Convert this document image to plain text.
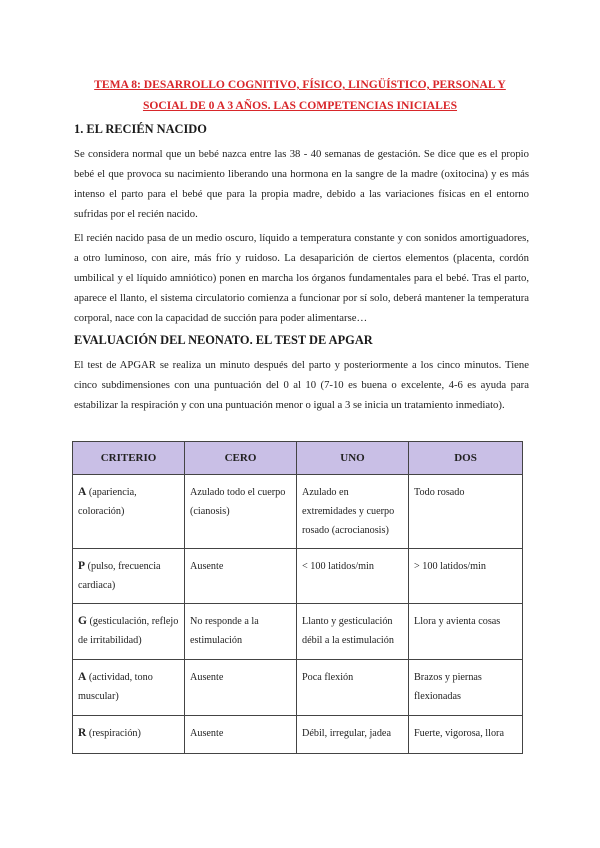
TEMA 8: DESARROLLO COGNITIVO, FÍSICO, LINGÜÍSTICO, PERSONAL Y
SOCIAL DE 0 A 3 AÑOS. LAS COMPETENCIAS INICIALES
1. EL RECIÉN NACIDO
Se considera normal que un bebé nazca entre las 38 - 40 semanas de gestación. Se dice que es el propio bebé el que provoca su nacimiento liberando una hormona en la sangre de la madre (oxitocina) y es más intenso el parto para el bebé que para la propia madre, debido a las variaciones físicas en el entorno sufridas por el recién nacido.
El recién nacido pasa de un medio oscuro, líquido a temperatura constante y con sonidos amortiguadores, a otro luminoso, con aire, más frío y ruidoso. La desaparición de ciertos elementos (placenta, cordón umbilical y el líquido amniótico) ponen en marcha los órganos fundamentales para el bebé. Tras el parto, aparece el llanto, el sistema circulatorio comienza a funcionar por sí solo, deberá mantener la temperatura corporal, nace con la capacidad de succión para poder alimentarse…
EVALUACIÓN DEL NEONATO. EL TEST DE APGAR
El test de APGAR se realiza un minuto después del parto y posteriormente a los cinco minutos. Tiene cinco subdimensiones con una puntuación del 0 al 10 (7-10 es buena o excelente, 4-6 es ayuda para estabilizar la respiración y con una puntuación menor o igual a 3 se inicia un tratamiento inmediato).
CRITERIO	CERO	UNO	DOS
A (apariencia, coloración)	Azulado todo el cuerpo (cianosis)	Azulado en extremidades y cuerpo rosado (acrocianosis)	Todo rosado
P (pulso, frecuencia cardiaca)	Ausente	< 100 latidos/min	> 100 latidos/min
G (gesticulación, reflejo de irritabilidad)	No responde a la estimulación	Llanto y gesticulación débil a la estimulación	Llora y avienta cosas
A (actividad, tono muscular)	Ausente	Poca flexión	Brazos y piernas flexionadas
R (respiración)	Ausente	Débil, irregular, jadea	Fuerte, vigorosa, llora
